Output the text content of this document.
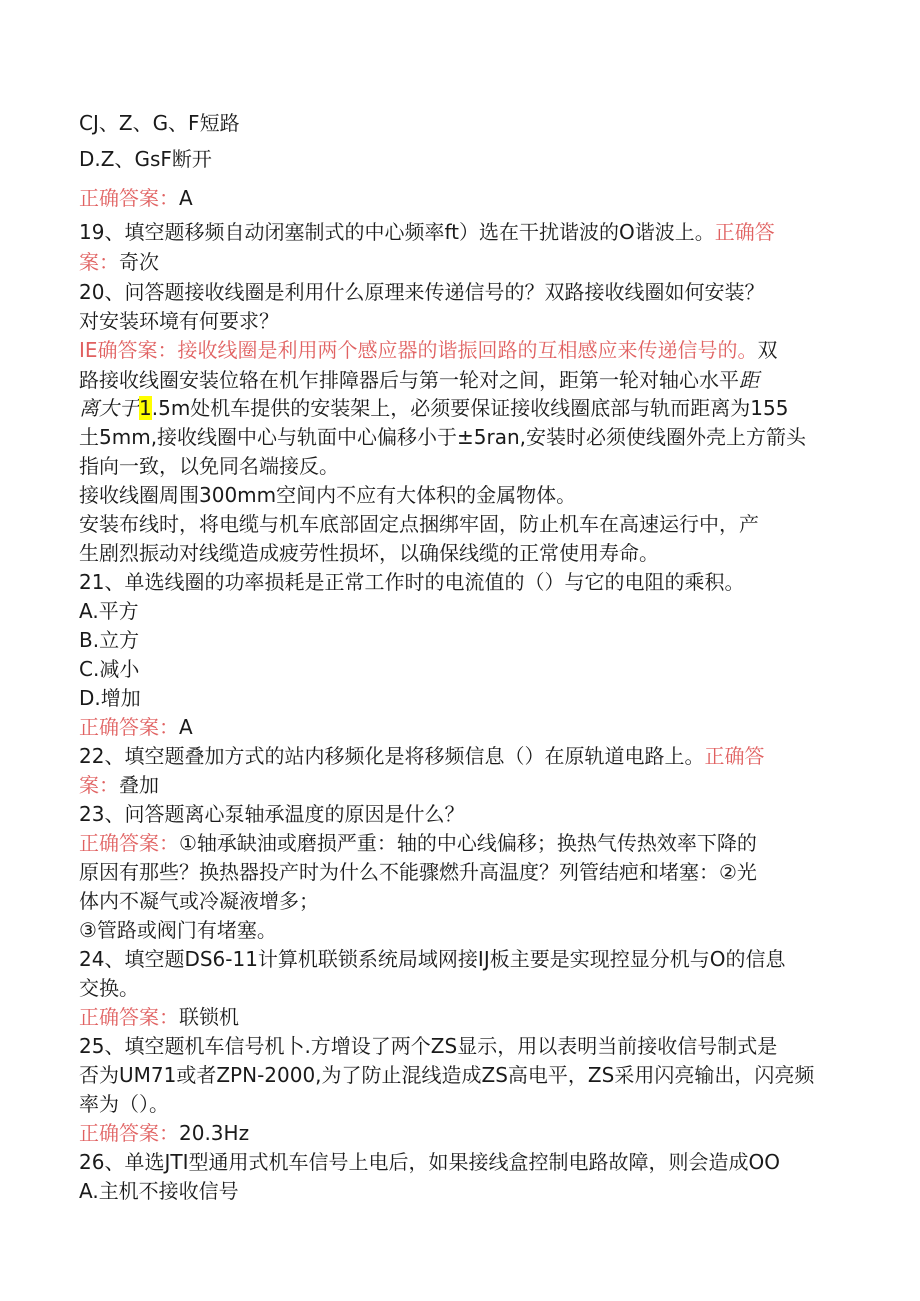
CJ、Z、G、F短路
D.Z、GsF断开
正确答案：A
19、填空题移频自动闭塞制式的中心频率ft）选在干扰谐波的O谐波上。正确答
案：奇次
20、问答题接收线圈是利用什么原理来传递信号的？双路接收线圈如何安装？
对安装环境有何要求？
IE确答案：接收线圈是利用两个感应器的谐振回路的互相感应来传递信号的。双
路接收线圈安装位辂在机乍排障器后与第一轮对之间，距第一轮对轴心水平距
离大于1.5m处机车提供的安装架上，必须要保证接收线圈底部与轨而距离为155
土5mm,接收线圈中心与轨面中心偏移小于±5ran,安装时必须使线圈外壳上方箭头
指向一致，以免同名端接反。
接收线圈周围300mm空间内不应有大体积的金属物体。
安装布线时，将电缆与机车底部固定点捆绑牢固，防止机车在高速运行中，产
生剧烈振动对线缆造成疲劳性损坏，以确保线缆的正常使用寿命。
21、单选线圈的功率损耗是正常工作时的电流值的（）与它的电阻的乘积。
A.平方
B.立方
C.减小
D.增加
正确答案：A
22、填空题叠加方式的站内移频化是将移频信息（）在原轨道电路上。正确答
案：叠加
23、问答题离心泵轴承温度的原因是什么？
正确答案：①轴承缺油或磨损严重：轴的中心线偏移；换热气传热效率下降的
原因有那些？换热器投产时为什么不能骤燃升高温度？列管结疤和堵塞：②光
体内不凝气或冷凝液增多；
③管路或阀门有堵塞。
24、填空题DS6-11计算机联锁系统局域网接IJ板主要是实现控显分机与O的信息
交换。
正确答案：联锁机
25、填空题机车信号机卜.方增设了两个ZS显示，用以表明当前接收信号制式是
否为UM71或者ZPN-2000,为了防止混线造成ZS高电平，ZS采用闪亮输出，闪亮频
率为（）。
正确答案：20.3Hz
26、单选JTI型通用式机车信号上电后，如果接线盒控制电路故障，则会造成OO
A.主机不接收信号
